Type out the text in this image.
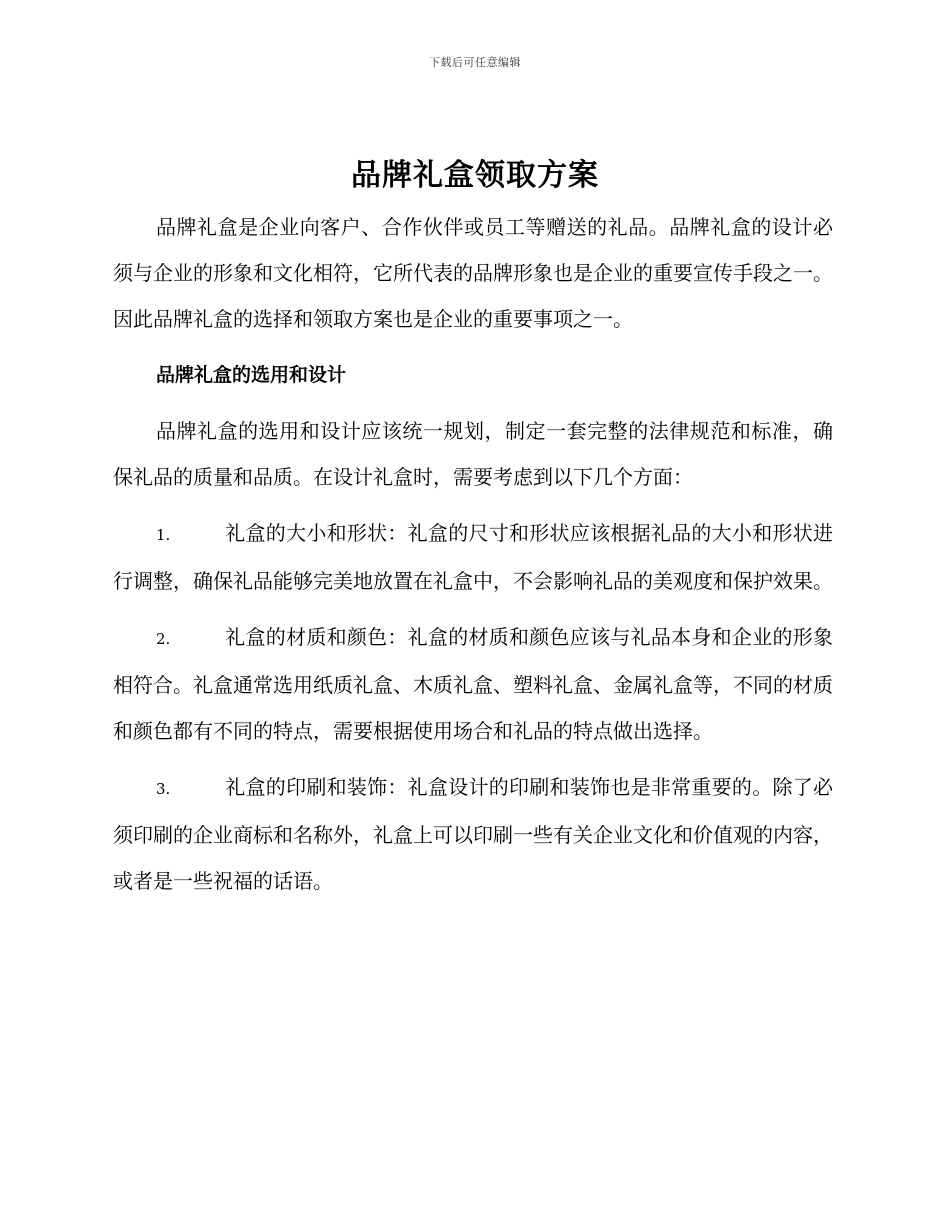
下载后可任意编辑
品牌礼盒领取方案

品牌礼盒是企业向客户、合作伙伴或员工等赠送的礼品。品牌礼盒的设计必须与企业的形象和文化相符，它所代表的品牌形象也是企业的重要宣传手段之一。因此品牌礼盒的选择和领取方案也是企业的重要事项之一。

品牌礼盒的选用和设计

品牌礼盒的选用和设计应该统一规划，制定一套完整的法律规范和标准，确保礼品的质量和品质。在设计礼盒时，需要考虑到以下几个方面：

1.	礼盒的大小和形状：礼盒的尺寸和形状应该根据礼品的大小和形状进行调整，确保礼品能够完美地放置在礼盒中，不会影响礼品的美观度和保护效果。

2.	礼盒的材质和颜色：礼盒的材质和颜色应该与礼品本身和企业的形象相符合。礼盒通常选用纸质礼盒、木质礼盒、塑料礼盒、金属礼盒等，不同的材质和颜色都有不同的特点，需要根据使用场合和礼品的特点做出选择。

3.	礼盒的印刷和装饰：礼盒设计的印刷和装饰也是非常重要的。除了必须印刷的企业商标和名称外，礼盒上可以印刷一些有关企业文化和价值观的内容，或者是一些祝福的话语。
